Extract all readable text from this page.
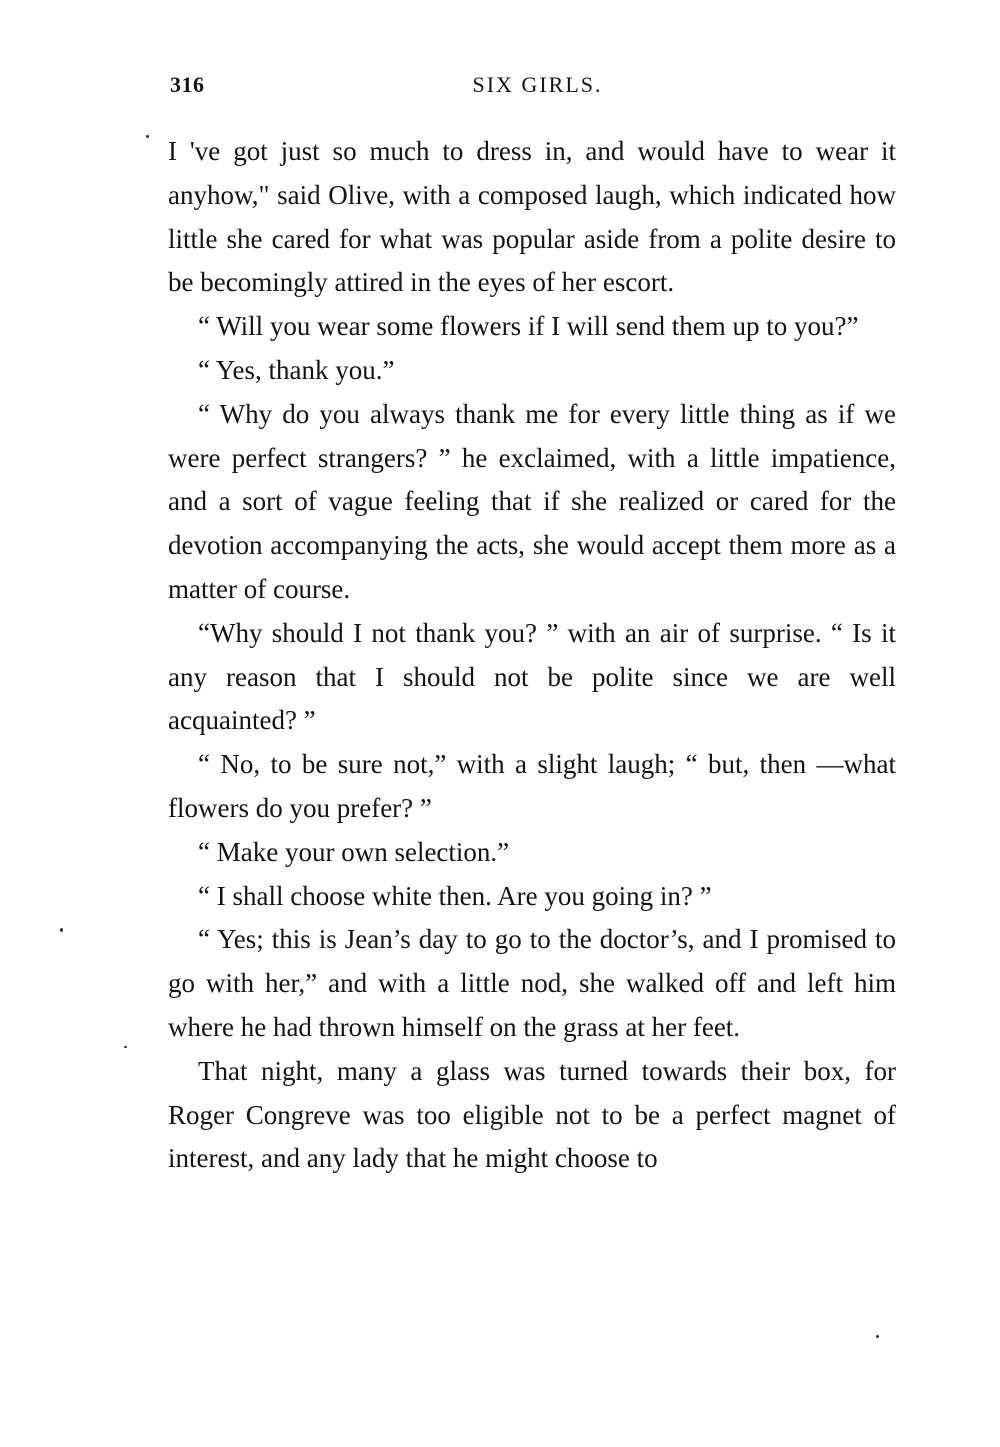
316	SIX GIRLS.

I 've got just so much to dress in, and would have to wear it anyhow," said Olive, with a composed laugh, which indicated how little she cared for what was popular aside from a polite desire to be becomingly attired in the eyes of her escort.

“ Will you wear some flowers if I will send them up to you?”

“ Yes, thank you.”

“ Why do you always thank me for every little thing as if we were perfect strangers? ” he exclaimed, with a little impatience, and a sort of vague feeling that if she realized or cared for the devotion accompanying the acts, she would accept them more as a matter of course.

“Why should I not thank you? ” with an air of surprise. “ Is it any reason that I should not be polite since we are well acquainted? ”

“ No, to be sure not,” with a slight laugh; “ but, then —what flowers do you prefer? ”

“ Make your own selection.”

“ I shall choose white then. Are you going in? ”

“ Yes; this is Jean’s day to go to the doctor’s, and I promised to go with her,” and with a little nod, she walked off and left him where he had thrown himself on the grass at her feet.

That night, many a glass was turned towards their box, for Roger Congreve was too eligible not to be a perfect magnet of interest, and any lady that he might choose to
